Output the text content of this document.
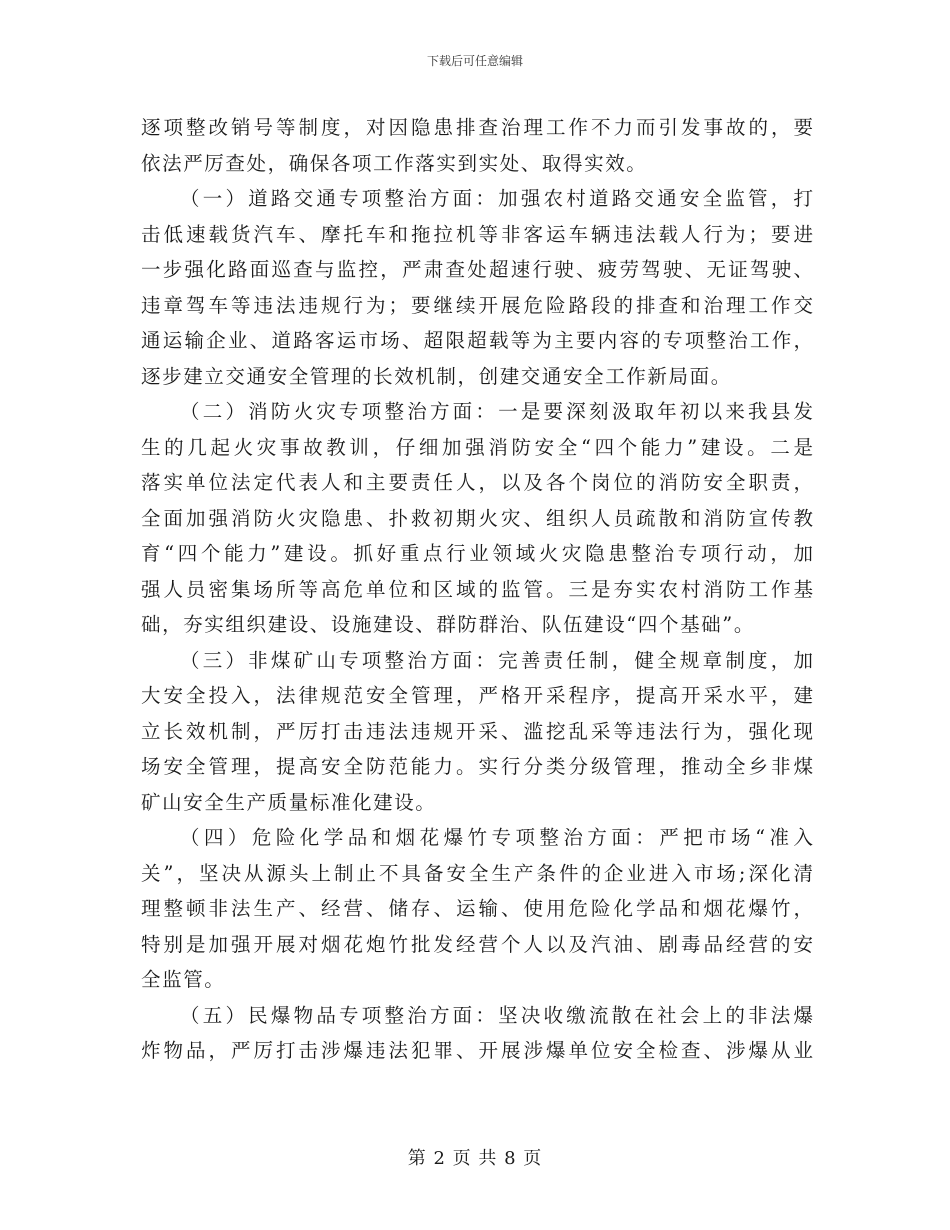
下载后可任意编辑
逐项整改销号等制度，对因隐患排查治理工作不力而引发事故的，要
依法严厉查处，确保各项工作落实到实处、取得实效。
（一）道路交通专项整治方面：加强农村道路交通安全监管，打
击低速载货汽车、摩托车和拖拉机等非客运车辆违法载人行为；要进
一步强化路面巡查与监控，严肃查处超速行驶、疲劳驾驶、无证驾驶、
违章驾车等违法违规行为；要继续开展危险路段的排查和治理工作交
通运输企业、道路客运市场、超限超载等为主要内容的专项整治工作，
逐步建立交通安全管理的长效机制，创建交通安全工作新局面。
（二）消防火灾专项整治方面：一是要深刻汲取年初以来我县发
生的几起火灾事故教训，仔细加强消防安全“四个能力”建设。二是
落实单位法定代表人和主要责任人，以及各个岗位的消防安全职责，
全面加强消防火灾隐患、扑救初期火灾、组织人员疏散和消防宣传教
育“四个能力”建设。抓好重点行业领域火灾隐患整治专项行动，加
强人员密集场所等高危单位和区域的监管。三是夯实农村消防工作基
础，夯实组织建设、设施建设、群防群治、队伍建设“四个基础”。
（三）非煤矿山专项整治方面：完善责任制，健全规章制度，加
大安全投入，法律规范安全管理，严格开采程序，提高开采水平，建
立长效机制，严厉打击违法违规开采、滥挖乱采等违法行为，强化现
场安全管理，提高安全防范能力。实行分类分级管理，推动全乡非煤
矿山安全生产质量标准化建设。
（四）危险化学品和烟花爆竹专项整治方面：严把市场“准入
关”，坚决从源头上制止不具备安全生产条件的企业进入市场;深化清
理整顿非法生产、经营、储存、运输、使用危险化学品和烟花爆竹，
特别是加强开展对烟花炮竹批发经营个人以及汽油、剧毒品经营的安
全监管。
（五）民爆物品专项整治方面：坚决收缴流散在社会上的非法爆
炸物品，严厉打击涉爆违法犯罪、开展涉爆单位安全检查、涉爆从业
第 2 页 共 8 页
